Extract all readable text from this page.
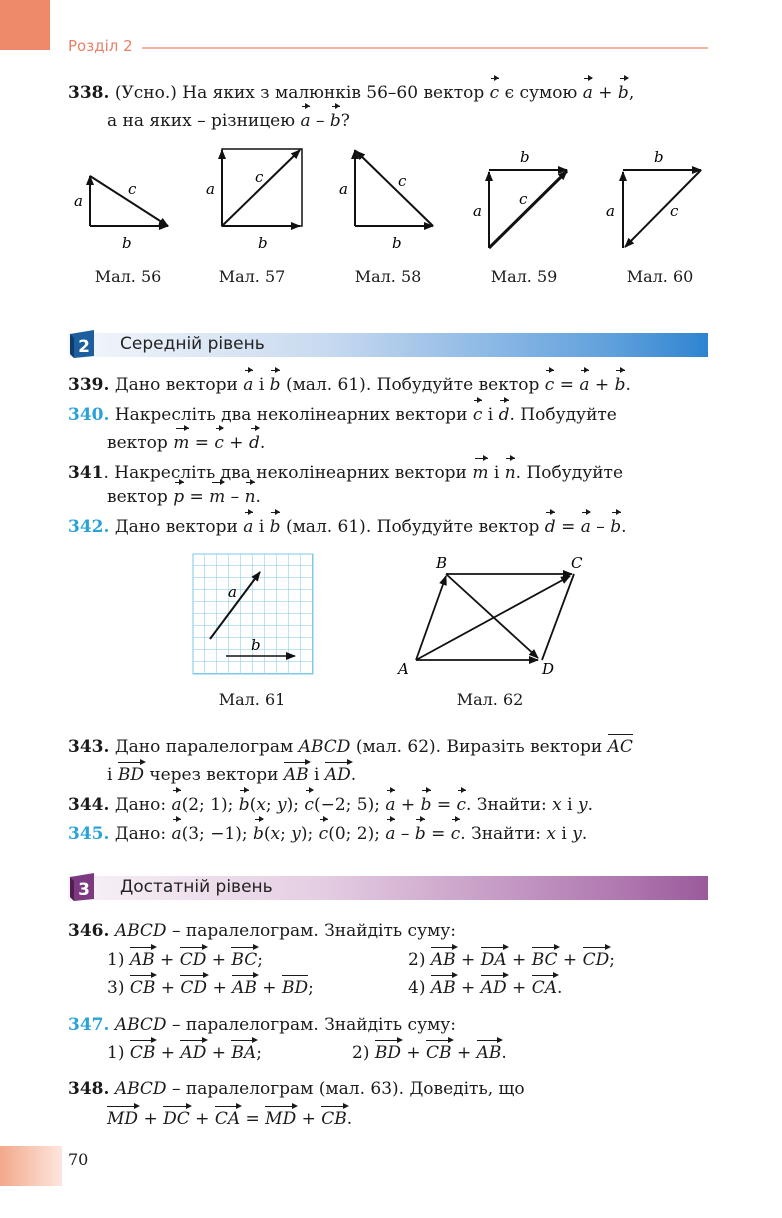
Розділ 2
338. (Усно.) На яких з малюнків 56–60 вектор c є сумою a + b,
а на яких – різницею a – b?
a
c
b
a
c
b
a	c
b
a
c
b
a	c
b
Мал. 56	Мал. 57	Мал. 58	Мал. 59	Мал. 60
2 Середній рівень
339. Дано вектори a і b (мал. 61). Побудуйте вектор c = a + b.
340. Накресліть два неколінеарних вектори c і d. Побудуйте
вектор m = c + d.
341. Накресліть два неколінеарних вектори m і n. Побудуйте
вектор p = m – n.
342. Дано вектори a і b (мал. 61). Побудуйте вектор d = a – b.
a
b
B	C
A	D
Мал. 61	Мал. 62
343. Дано паралелограм ABCD (мал. 62). Виразіть вектори AC
і BD через вектори AB і AD.
344. Дано: a(2; 1); b(x; y); c(−2; 5); a + b = c. Знайти: x і y.
345. Дано: a(3; −1); b(x; y); c(0; 2); a – b = c. Знайти: x і y.
3 Достатній рівень
346. ABCD – паралелограм. Знайдіть суму:
1) AB + CD + BC;	2) AB + DA + BC + CD;
3) CB + CD + AB + BD;	4) AB + AD + CA.
347. ABCD – паралелограм. Знайдіть суму:
1) CB + AD + BA;	2) BD + CB + AB.
348. ABCD – паралелограм (мал. 63). Доведіть, що
MD + DC + CA = MD + CB.
70
